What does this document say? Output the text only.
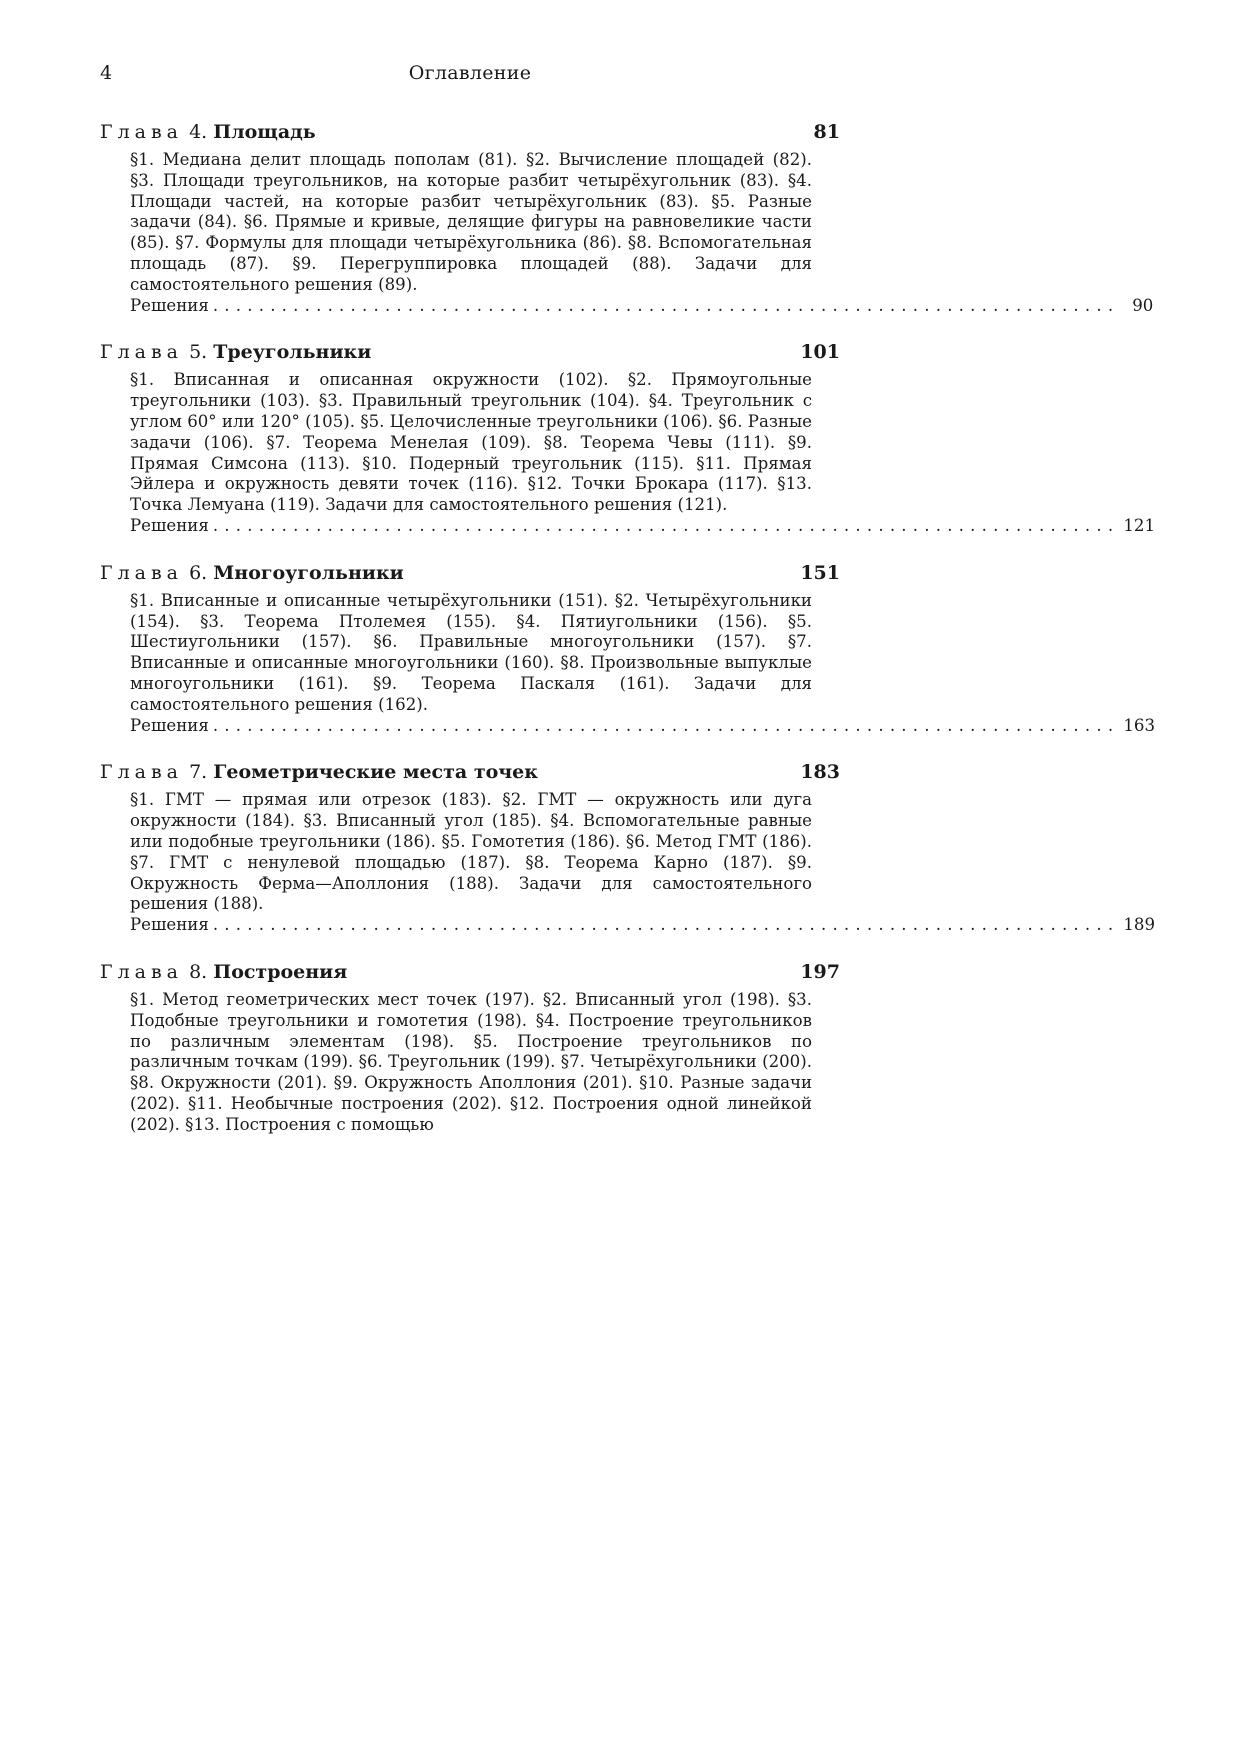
4	Оглавление
Глава 4. Площадь	81
§1. Медиана делит площадь пополам (81). §2. Вычисление площадей (82). §3. Площади треугольников, на которые разбит четырёхугольник (83). §4. Площади частей, на которые разбит четырёхугольник (83). §5. Разные задачи (84). §6. Прямые и кривые, делящие фигуры на равновеликие части (85). §7. Формулы для площади четырёхугольника (86). §8. Вспомогательная площадь (87). §9. Перегруппировка площадей (88). Задачи для самостоятельного решения (89).
Решения ............................................................................... 90
Глава 5. Треугольники	101
§1. Вписанная и описанная окружности (102). §2. Прямоугольные треугольники (103). §3. Правильный треугольник (104). §4. Треугольник с углом 60° или 120° (105). §5. Целочисленные треугольники (106). §6. Разные задачи (106). §7. Теорема Менелая (109). §8. Теорема Чевы (111). §9. Прямая Симсона (113). §10. Подерный треугольник (115). §11. Прямая Эйлера и окружность девяти точек (116). §12. Точки Брокара (117). §13. Точка Лемуана (119). Задачи для самостоятельного решения (121).
Решения ............................................................................... 121
Глава 6. Многоугольники	151
§1. Вписанные и описанные четырёхугольники (151). §2. Четырёхугольники (154). §3. Теорема Птолемея (155). §4. Пятиугольники (156). §5. Шестиугольники (157). §6. Правильные многоугольники (157). §7. Вписанные и описанные многоугольники (160). §8. Произвольные выпуклые многоугольники (161). §9. Теорема Паскаля (161). Задачи для самостоятельного решения (162).
Решения ............................................................................... 163
Глава 7. Геометрические места точек	183
§1. ГМТ — прямая или отрезок (183). §2. ГМТ — окружность или дуга окружности (184). §3. Вписанный угол (185). §4. Вспомогательные равные или подобные треугольники (186). §5. Гомотетия (186). §6. Метод ГМТ (186). §7. ГМТ с ненулевой площадью (187). §8. Теорема Карно (187). §9. Окружность Ферма—Аполлония (188). Задачи для самостоятельного решения (188).
Решения ............................................................................... 189
Глава 8. Построения	197
§1. Метод геометрических мест точек (197). §2. Вписанный угол (198). §3. Подобные треугольники и гомотетия (198). §4. Построение треугольников по различным элементам (198). §5. Построение треугольников по различным точкам (199). §6. Треугольник (199). §7. Четырёхугольники (200). §8. Окружности (201). §9. Окружность Аполлония (201). §10. Разные задачи (202). §11. Необычные построения (202). §12. Построения одной линейкой (202). §13. Построения с помощью
